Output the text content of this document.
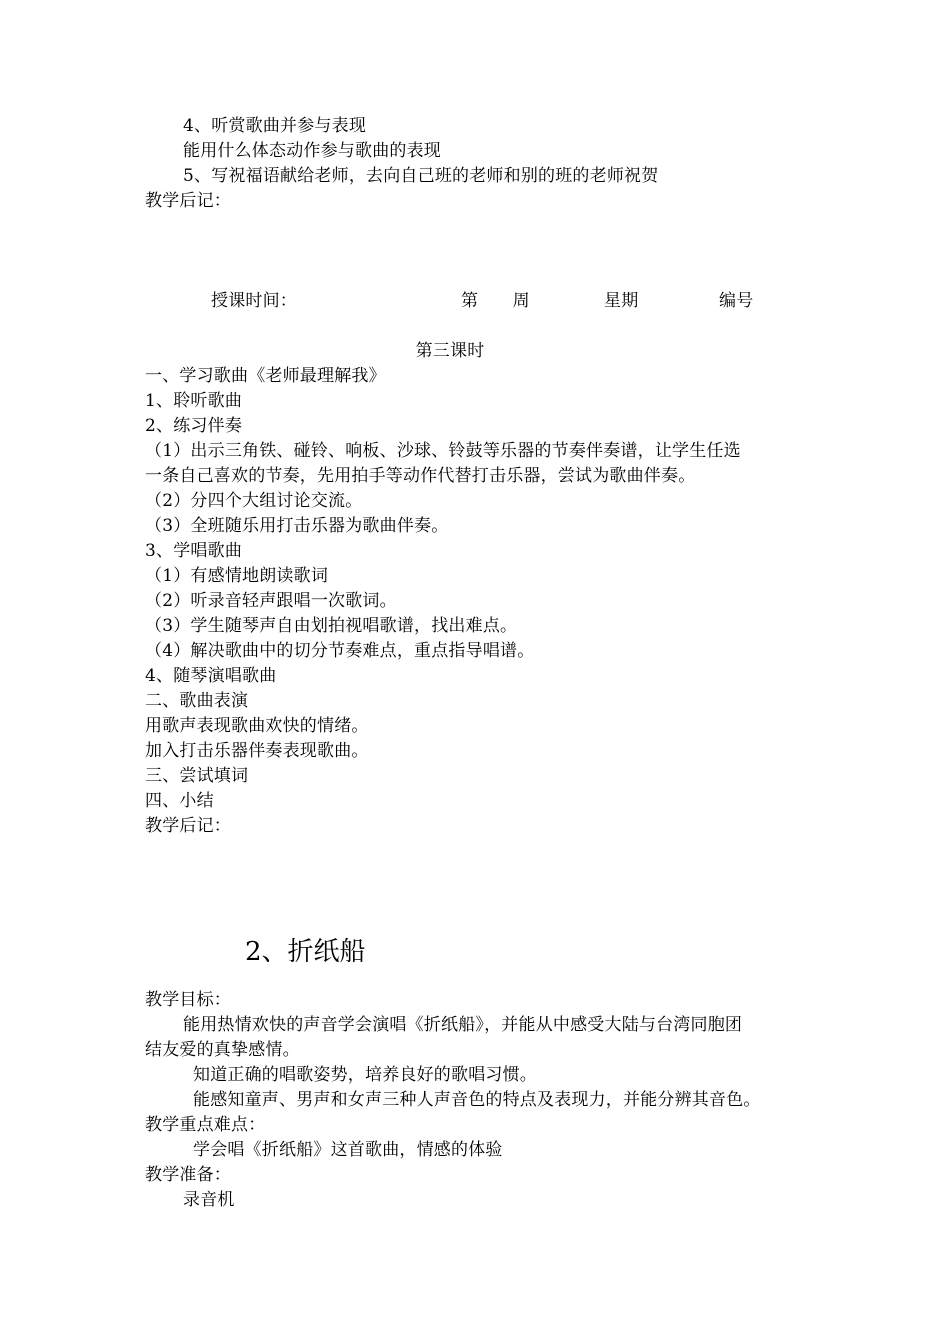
4、听赏歌曲并参与表现
能用什么体态动作参与歌曲的表现
5、写祝福语献给老师，去向自己班的老师和别的班的老师祝贺
教学后记：
授课时间：	第　　周	星期	编号
第三课时
一、学习歌曲《老师最理解我》
1、聆听歌曲
2、练习伴奏
（1）出示三角铁、碰铃、响板、沙球、铃鼓等乐器的节奏伴奏谱，让学生任选
一条自己喜欢的节奏，先用拍手等动作代替打击乐器，尝试为歌曲伴奏。
（2）分四个大组讨论交流。
（3）全班随乐用打击乐器为歌曲伴奏。
3、学唱歌曲
（1）有感情地朗读歌词
（2）听录音轻声跟唱一次歌词。
（3）学生随琴声自由划拍视唱歌谱，找出难点。
（4）解决歌曲中的切分节奏难点，重点指导唱谱。
4、随琴演唱歌曲
二、歌曲表演
用歌声表现歌曲欢快的情绪。
加入打击乐器伴奏表现歌曲。
三、尝试填词
四、小结
教学后记：
2、折纸船
教学目标：
能用热情欢快的声音学会演唱《折纸船》，并能从中感受大陆与台湾同胞团
结友爱的真挚感情。
知道正确的唱歌姿势，培养良好的歌唱习惯。
能感知童声、男声和女声三种人声音色的特点及表现力，并能分辨其音色。
教学重点难点：
学会唱《折纸船》这首歌曲，情感的体验
教学准备：
录音机
